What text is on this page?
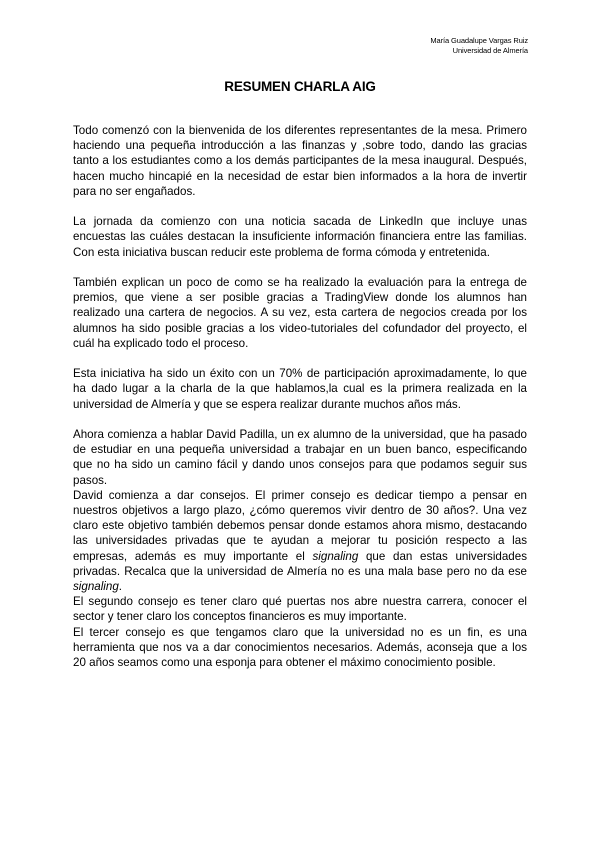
María Guadalupe Vargas Ruiz
Universidad de Almería
RESUMEN CHARLA AIG

Todo comenzó con la bienvenida de los diferentes representantes de la mesa. Primero haciendo una pequeña introducción a las finanzas y ,sobre todo, dando las gracias tanto a los estudiantes como a los demás participantes de la mesa inaugural. Después, hacen mucho hincapié en la necesidad de estar bien informados a la hora de invertir para no ser engañados.

La jornada da comienzo con una noticia sacada de LinkedIn que incluye unas encuestas las cuáles destacan la insuficiente información financiera entre las familias. Con esta iniciativa buscan reducir este problema de forma cómoda y entretenida.

También explican un poco de como se ha realizado la evaluación para la entrega de premios, que viene a ser posible gracias a TradingView donde los alumnos han realizado una cartera de negocios. A su vez, esta cartera de negocios creada por los alumnos ha sido posible gracias a los video-tutoriales del cofundador del proyecto, el cuál ha explicado todo el proceso.

Esta iniciativa ha sido un éxito con un 70% de participación aproximadamente, lo que ha dado lugar a la charla de la que hablamos,la cual es la primera realizada en la universidad de Almería y que se espera realizar durante muchos años más.

Ahora comienza a hablar David Padilla, un ex alumno de la universidad, que ha pasado de estudiar en una pequeña universidad a trabajar en un buen banco, especificando que no ha sido un camino fácil y dando unos consejos para que podamos seguir sus pasos.

David comienza a dar consejos. El primer consejo es dedicar tiempo a pensar en nuestros objetivos a largo plazo, ¿cómo queremos vivir dentro de 30 años?. Una vez claro este objetivo también debemos pensar donde estamos ahora mismo, destacando las universidades privadas que te ayudan a mejorar tu posición respecto a las empresas, además es muy importante el signaling que dan estas universidades privadas. Recalca que la universidad de Almería no es una mala base pero no da ese signaling.

El segundo consejo es tener claro qué puertas nos abre nuestra carrera, conocer el sector y tener claro los conceptos financieros es muy importante.

El tercer consejo es que tengamos claro que la universidad no es un fin, es una herramienta que nos va a dar conocimientos necesarios. Además, aconseja que a los 20 años seamos como una esponja para obtener el máximo conocimiento posible.
